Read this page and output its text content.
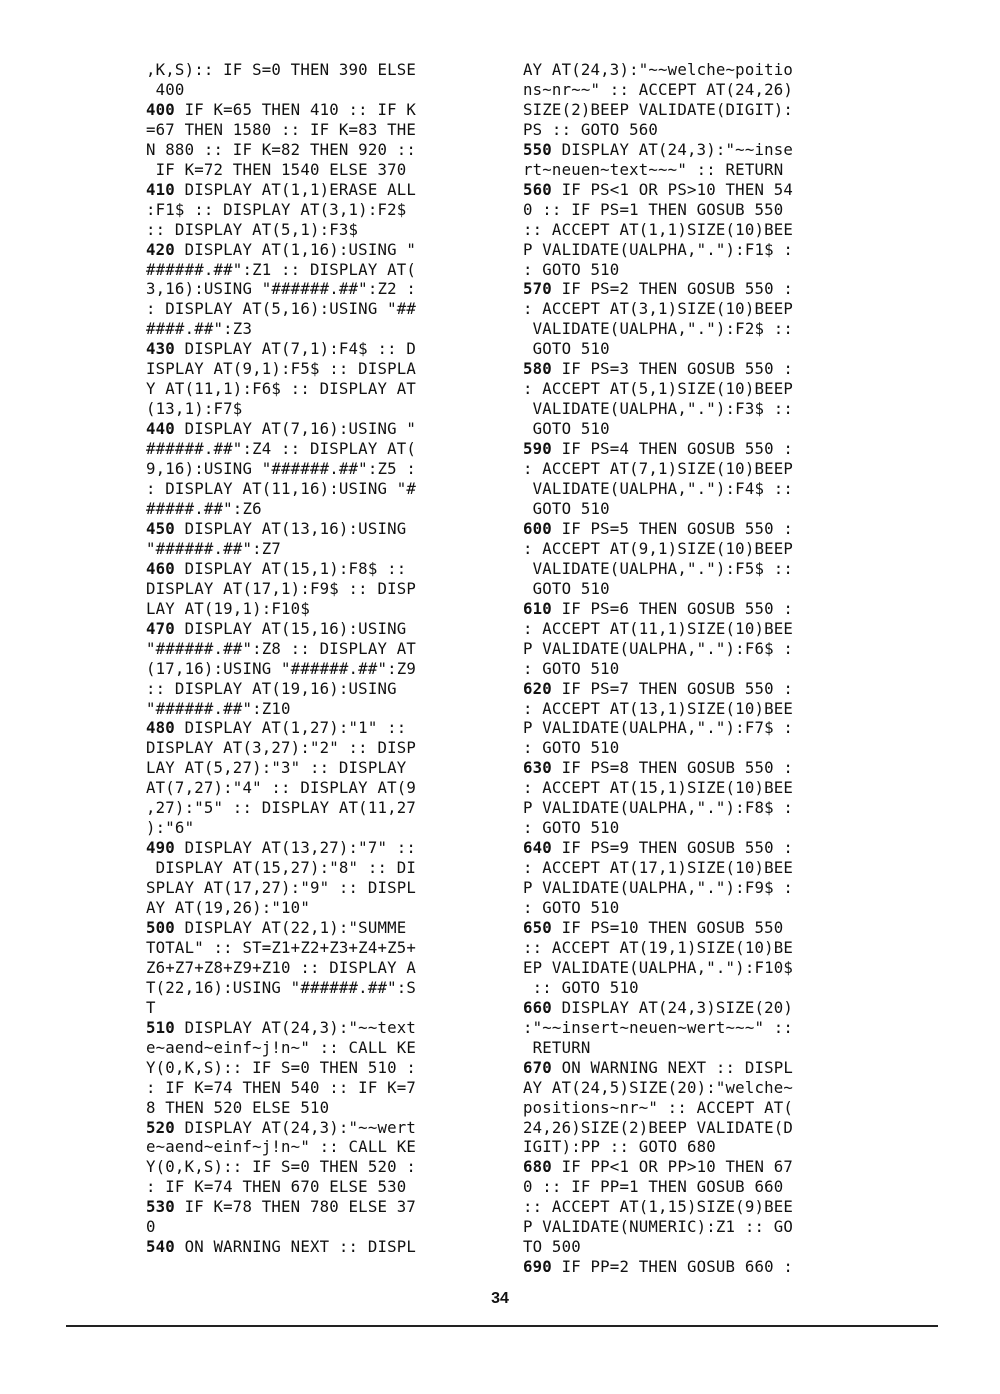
,K,S):: IF S=0 THEN 390 ELSE
400
400 IF K=65 THEN 410 :: IF K
=67 THEN 1580 :: IF K=83 THE
N 880 :: IF K=82 THEN 920 ::
IF K=72 THEN 1540 ELSE 370
410 DISPLAY AT(1,1)ERASE ALL
:F1$ :: DISPLAY AT(3,1):F2$
:: DISPLAY AT(5,1):F3$
420 DISPLAY AT(1,16):USING "
######.##":Z1 :: DISPLAY AT(
3,16):USING "######.##":Z2 :
: DISPLAY AT(5,16):USING "##
####.##":Z3
430 DISPLAY AT(7,1):F4$ :: D
ISPLAY AT(9,1):F5$ :: DISPLA
Y AT(11,1):F6$ :: DISPLAY AT
(13,1):F7$
440 DISPLAY AT(7,16):USING "
######.##":Z4 :: DISPLAY AT(
9,16):USING "######.##":Z5 :
: DISPLAY AT(11,16):USING "#
#####.##":Z6
450 DISPLAY AT(13,16):USING
"######.##":Z7
460 DISPLAY AT(15,1):F8$ ::
DISPLAY AT(17,1):F9$ :: DISP
LAY AT(19,1):F10$
470 DISPLAY AT(15,16):USING
"######.##":Z8 :: DISPLAY AT
(17,16):USING "######.##":Z9
:: DISPLAY AT(19,16):USING
"######.##":Z10
480 DISPLAY AT(1,27):"1" ::
DISPLAY AT(3,27):"2" :: DISP
LAY AT(5,27):"3" :: DISPLAY
AT(7,27):"4" :: DISPLAY AT(9
,27):"5" :: DISPLAY AT(11,27
):"6"
490 DISPLAY AT(13,27):"7" ::
DISPLAY AT(15,27):"8" :: DI
SPLAY AT(17,27):"9" :: DISPL
AY AT(19,26):"10"
500 DISPLAY AT(22,1):"SUMME
TOTAL" :: ST=Z1+Z2+Z3+Z4+Z5+
Z6+Z7+Z8+Z9+Z10 :: DISPLAY A
T(22,16):USING "######.##":S
T
510 DISPLAY AT(24,3):"~~text
e~aend~einf~j!n~" :: CALL KE
Y(0,K,S):: IF S=0 THEN 510 :
: IF K=74 THEN 540 :: IF K=7
8 THEN 520 ELSE 510
520 DISPLAY AT(24,3):"~~wert
e~aend~einf~j!n~" :: CALL KE
Y(0,K,S):: IF S=0 THEN 520 :
: IF K=74 THEN 670 ELSE 530
530 IF K=78 THEN 780 ELSE 37
0
540 ON WARNING NEXT :: DISPL
AY AT(24,3):"~~welche~poitio
ns~nr~~" :: ACCEPT AT(24,26)
SIZE(2)BEEP VALIDATE(DIGIT):
PS :: GOTO 560
550 DISPLAY AT(24,3):"~~inse
rt~neuen~text~~~" :: RETURN
560 IF PS<1 OR PS>10 THEN 54
0 :: IF PS=1 THEN GOSUB 550
:: ACCEPT AT(1,1)SIZE(10)BEE
P VALIDATE(UALPHA,"."):F1$ :
: GOTO 510
570 IF PS=2 THEN GOSUB 550 :
: ACCEPT AT(3,1)SIZE(10)BEEP
VALIDATE(UALPHA,"."):F2$ ::
GOTO 510
580 IF PS=3 THEN GOSUB 550 :
: ACCEPT AT(5,1)SIZE(10)BEEP
VALIDATE(UALPHA,"."):F3$ ::
GOTO 510
590 IF PS=4 THEN GOSUB 550 :
: ACCEPT AT(7,1)SIZE(10)BEEP
VALIDATE(UALPHA,"."):F4$ ::
GOTO 510
600 IF PS=5 THEN GOSUB 550 :
: ACCEPT AT(9,1)SIZE(10)BEEP
VALIDATE(UALPHA,"."):F5$ ::
GOTO 510
610 IF PS=6 THEN GOSUB 550 :
: ACCEPT AT(11,1)SIZE(10)BEE
P VALIDATE(UALPHA,"."):F6$ :
: GOTO 510
620 IF PS=7 THEN GOSUB 550 :
: ACCEPT AT(13,1)SIZE(10)BEE
P VALIDATE(UALPHA,"."):F7$ :
: GOTO 510
630 IF PS=8 THEN GOSUB 550 :
: ACCEPT AT(15,1)SIZE(10)BEE
P VALIDATE(UALPHA,"."):F8$ :
: GOTO 510
640 IF PS=9 THEN GOSUB 550 :
: ACCEPT AT(17,1)SIZE(10)BEE
P VALIDATE(UALPHA,"."):F9$ :
: GOTO 510
650 IF PS=10 THEN GOSUB 550
:: ACCEPT AT(19,1)SIZE(10)BE
EP VALIDATE(UALPHA,"."):F10$
:: GOTO 510
660 DISPLAY AT(24,3)SIZE(20)
:"~~insert~neuen~wert~~~" ::
RETURN
670 ON WARNING NEXT :: DISPL
AY AT(24,5)SIZE(20):"welche~
positions~nr~" :: ACCEPT AT(
24,26)SIZE(2)BEEP VALIDATE(D
IGIT):PP :: GOTO 680
680 IF PP<1 OR PP>10 THEN 67
0 :: IF PP=1 THEN GOSUB 660
:: ACCEPT AT(1,15)SIZE(9)BEE
P VALIDATE(NUMERIC):Z1 :: GO
TO 500
690 IF PP=2 THEN GOSUB 660 :
34
